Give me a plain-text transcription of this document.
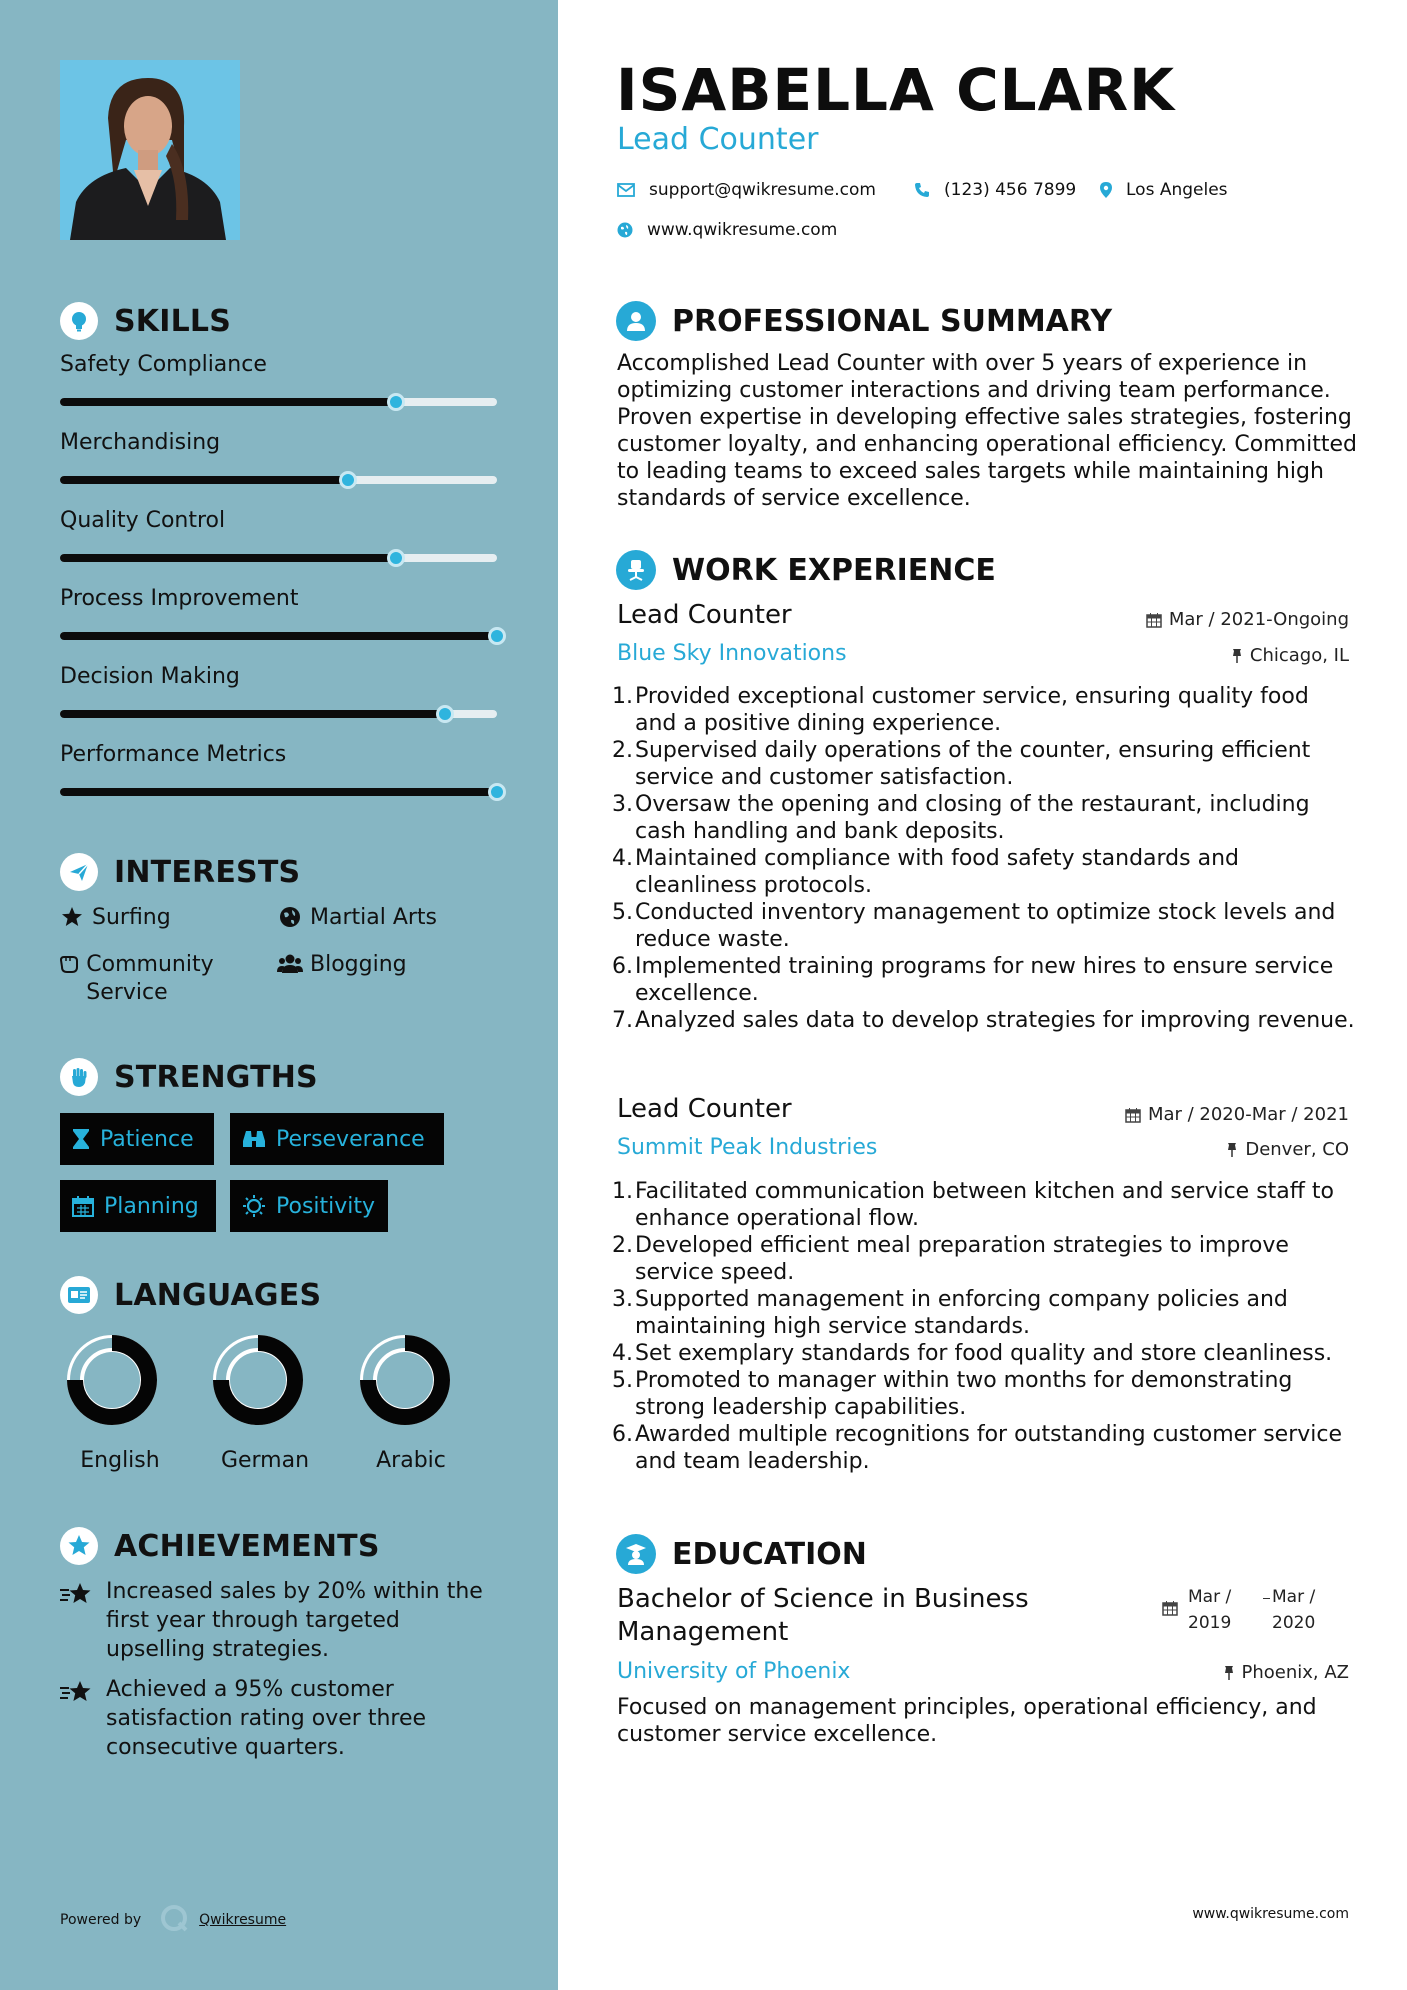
SKILLS
Safety Compliance
Merchandising
Quality Control
Process Improvement
Decision Making
Performance Metrics
INTERESTS
Surfing	Martial Arts
Community Service
Blogging
STRENGTHS
Patience	Perseverance
Planning	Positivity
LANGUAGES
English	German	Arabic
ACHIEVEMENTS
Increased sales by 20% within the first year through targeted upselling strategies.
Achieved a 95% customer satisfaction rating over three consecutive quarters.
Powered by	Qwikresume
ISABELLA CLARK
Lead Counter
support@qwikresume.com	(123) 456 7899	Los Angeles
www.qwikresume.com
PROFESSIONAL SUMMARY
Accomplished Lead Counter with over 5 years of experience in optimizing customer interactions and driving team performance. Proven expertise in developing effective sales strategies, fostering customer loyalty, and enhancing operational efficiency. Committed to leading teams to exceed sales targets while maintaining high standards of service excellence.
WORK EXPERIENCE
Lead Counter	Mar / 2021-Ongoing
Blue Sky Innovations	Chicago, IL
1. Provided exceptional customer service, ensuring quality food and a positive dining experience.
2. Supervised daily operations of the counter, ensuring efficient service and customer satisfaction.
3. Oversaw the opening and closing of the restaurant, including cash handling and bank deposits.
4. Maintained compliance with food safety standards and cleanliness protocols.
5. Conducted inventory management to optimize stock levels and reduce waste.
6. Implemented training programs for new hires to ensure service excellence.
7. Analyzed sales data to develop strategies for improving revenue.
Lead Counter	Mar / 2020-Mar / 2021
Summit Peak Industries	Denver, CO
1. Facilitated communication between kitchen and service staff to enhance operational flow.
2. Developed efficient meal preparation strategies to improve service speed.
3. Supported management in enforcing company policies and maintaining high service standards.
4. Set exemplary standards for food quality and store cleanliness.
5. Promoted to manager within two months for demonstrating strong leadership capabilities.
6. Awarded multiple recognitions for outstanding customer service and team leadership.
EDUCATION
Bachelor of Science in Business Management
Mar /
2019
Mar /
2020
University of Phoenix	Phoenix, AZ
Focused on management principles, operational efficiency, and customer service excellence.
www.qwikresume.com
